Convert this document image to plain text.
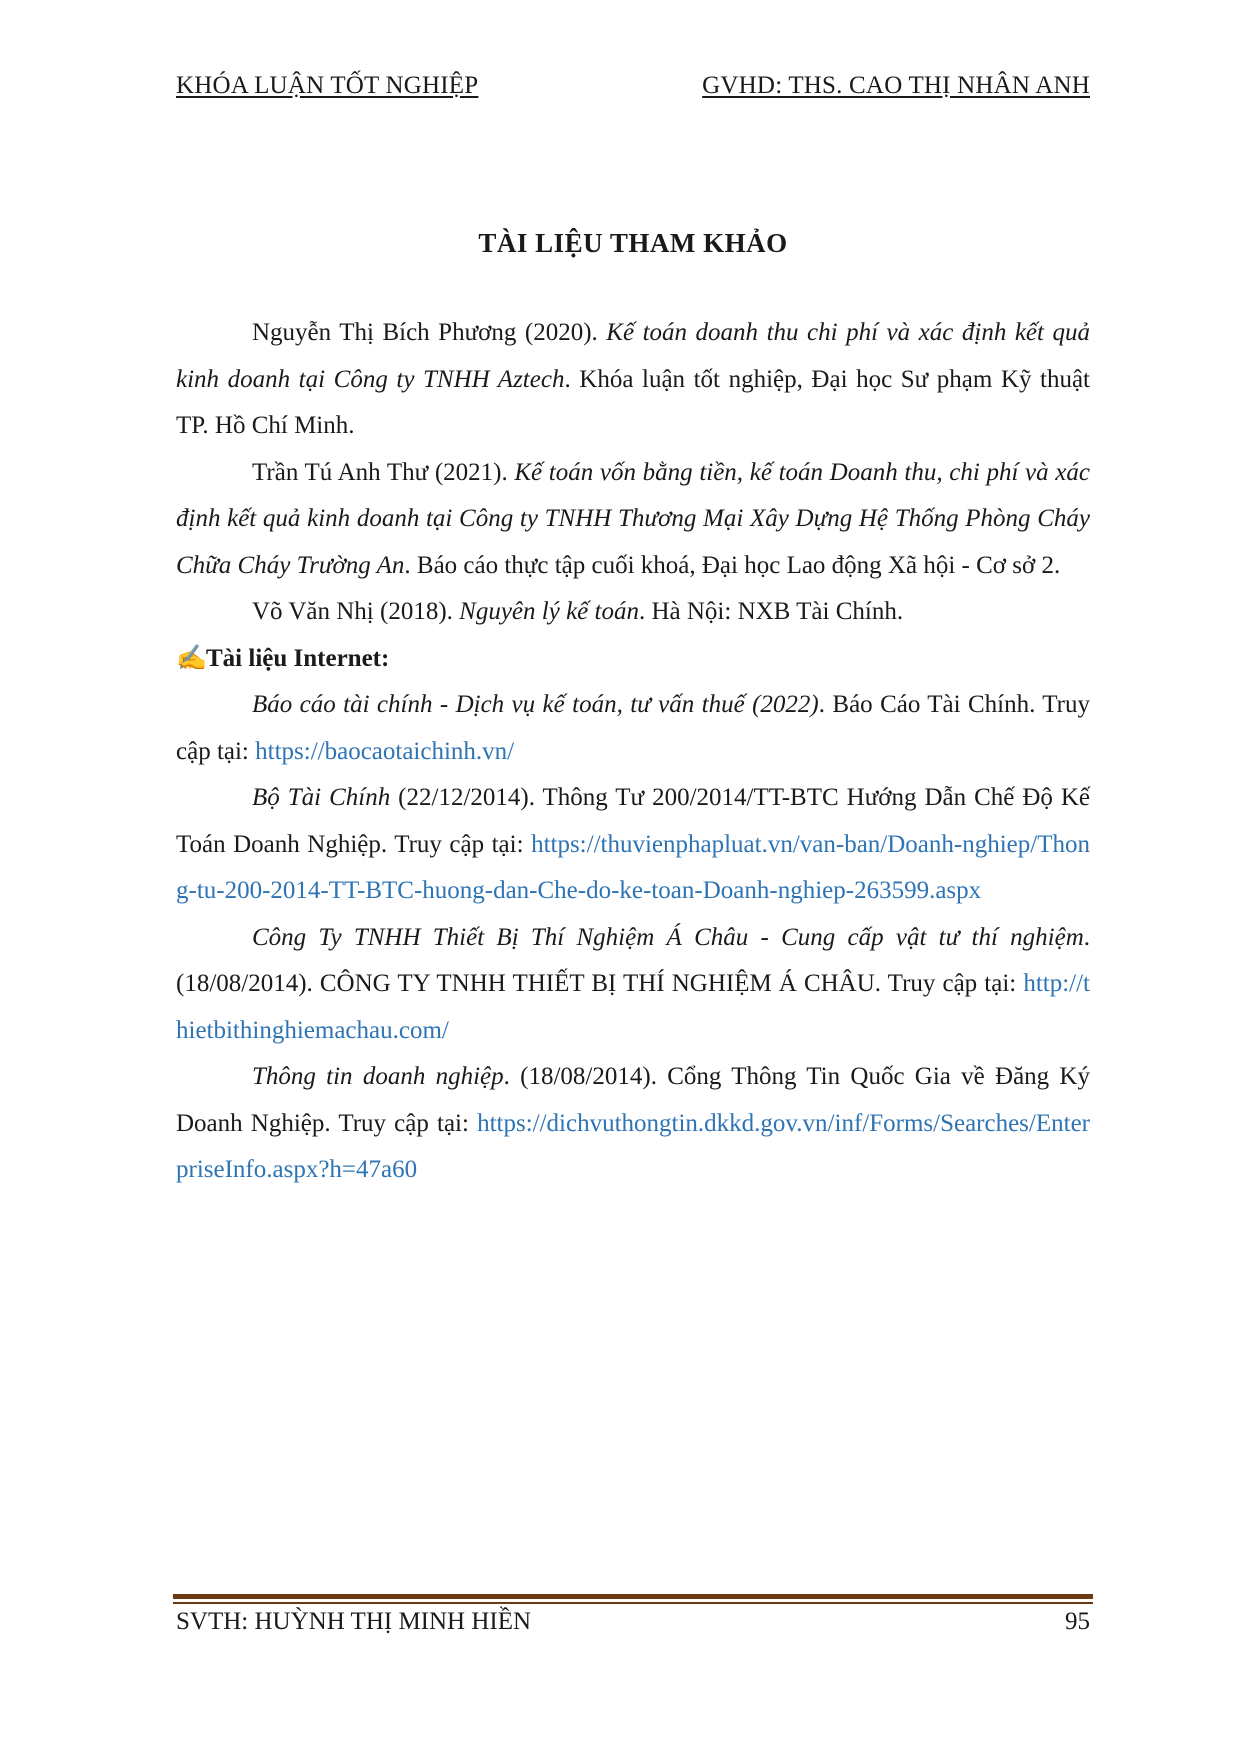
KHÓA LUẬN TỐT NGHIỆP	GVHD: THS. CAO THỊ NHÂN ANH
TÀI LIỆU THAM KHẢO

Nguyễn Thị Bích Phương (2020). Kế toán doanh thu chi phí và xác định kết quả kinh doanh tại Công ty TNHH Aztech. Khóa luận tốt nghiệp, Đại học Sư phạm Kỹ thuật TP. Hồ Chí Minh.

Trần Tú Anh Thư (2021). Kế toán vốn bằng tiền, kế toán Doanh thu, chi phí và xác định kết quả kinh doanh tại Công ty TNHH Thương Mại Xây Dựng Hệ Thống Phòng Cháy Chữa Cháy Trường An. Báo cáo thực tập cuối khoá, Đại học Lao động Xã hội - Cơ sở 2.

Võ Văn Nhị (2018). Nguyên lý kế toán. Hà Nội: NXB Tài Chính.

✍Tài liệu Internet:

Báo cáo tài chính - Dịch vụ kế toán, tư vấn thuế (2022). Báo Cáo Tài Chính. Truy cập tại: https://baocaotaichinh.vn/

Bộ Tài Chính (22/12/2014). Thông Tư 200/2014/TT-BTC Hướng Dẫn Chế Độ Kế Toán Doanh Nghiệp. Truy cập tại: https://thuvienphapluat.vn/van-ban/Doanh-nghiep/Thong-tu-200-2014-TT-BTC-huong-dan-Che-do-ke-toan-Doanh-nghiep-263599.aspx

Công Ty TNHH Thiết Bị Thí Nghiệm Á Châu - Cung cấp vật tư thí nghiệm. (18/08/2014). CÔNG TY TNHH THIẾT BỊ THÍ NGHIỆM Á CHÂU. Truy cập tại: http://thietbithinghiemachau.com/

Thông tin doanh nghiệp. (18/08/2014). Cổng Thông Tin Quốc Gia về Đăng Ký Doanh Nghiệp. Truy cập tại: https://dichvuthongtin.dkkd.gov.vn/inf/Forms/Searches/EnterpriseInfo.aspx?h=47a60

SVTH: HUỲNH THỊ MINH HIỀN	95
